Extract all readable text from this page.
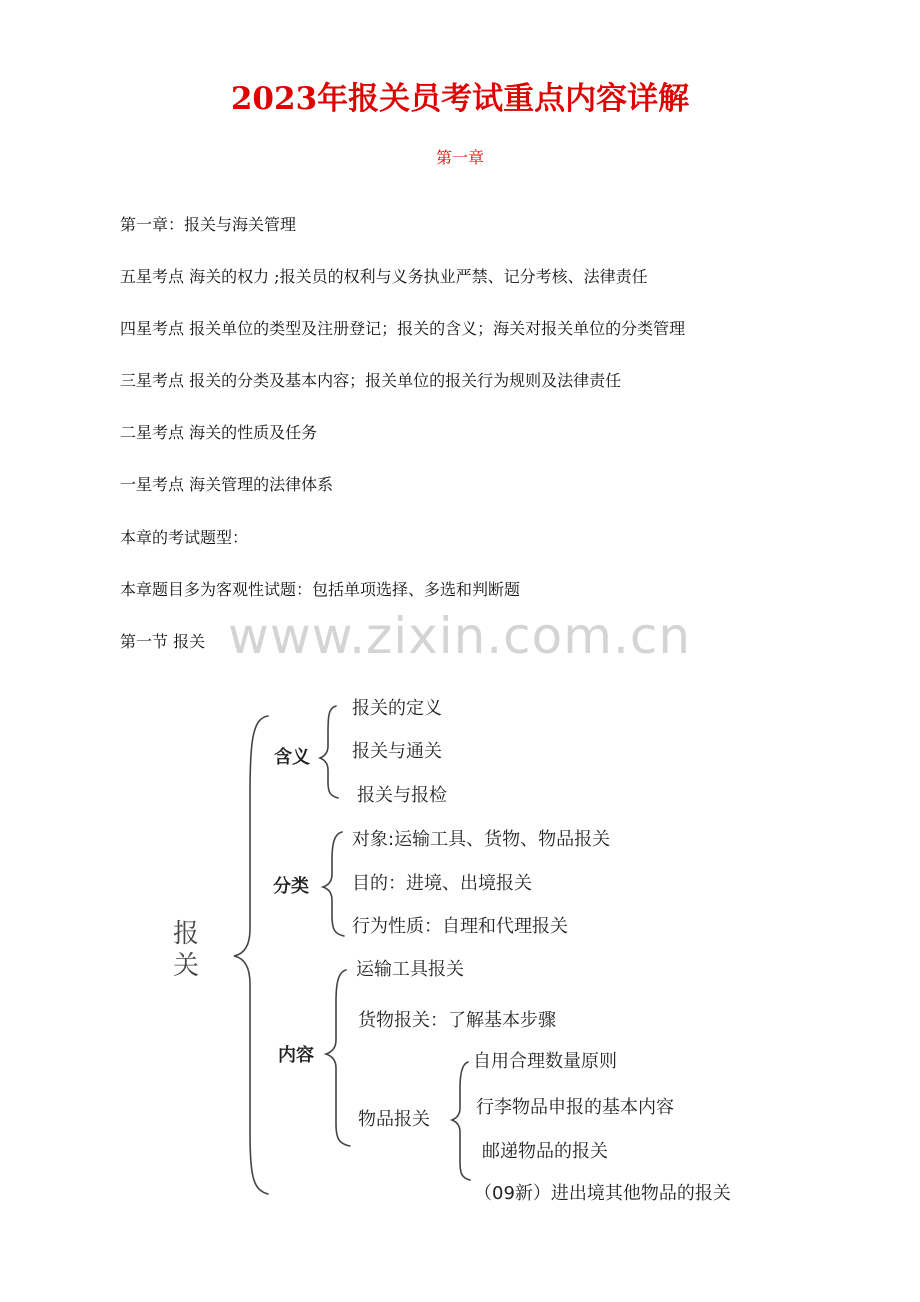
2023年报关员考试重点内容详解
第一章
第一章：报关与海关管理
五星考点 海关的权力 ;报关员的权利与义务执业严禁、记分考核、法律责任
四星考点 报关单位的类型及注册登记；报关的含义；海关对报关单位的分类管理
三星考点 报关的分类及基本内容；报关单位的报关行为规则及法律责任
二星考点 海关的性质及任务
一星考点 海关管理的法律体系
本章的考试题型：
本章题目多为客观性试题：包括单项选择、多选和判断题
第一节 报关 www.zixin.com.cn
报
关
含义
报关的定义
报关与通关
报关与报检
分类
对象:运输工具、货物、物品报关
目的：进境、出境报关
行为性质：自理和代理报关
内容
运输工具报关
货物报关：了解基本步骤
物品报关
自用合理数量原则
行李物品申报的基本内容
邮递物品的报关
（09新）进出境其他物品的报关
